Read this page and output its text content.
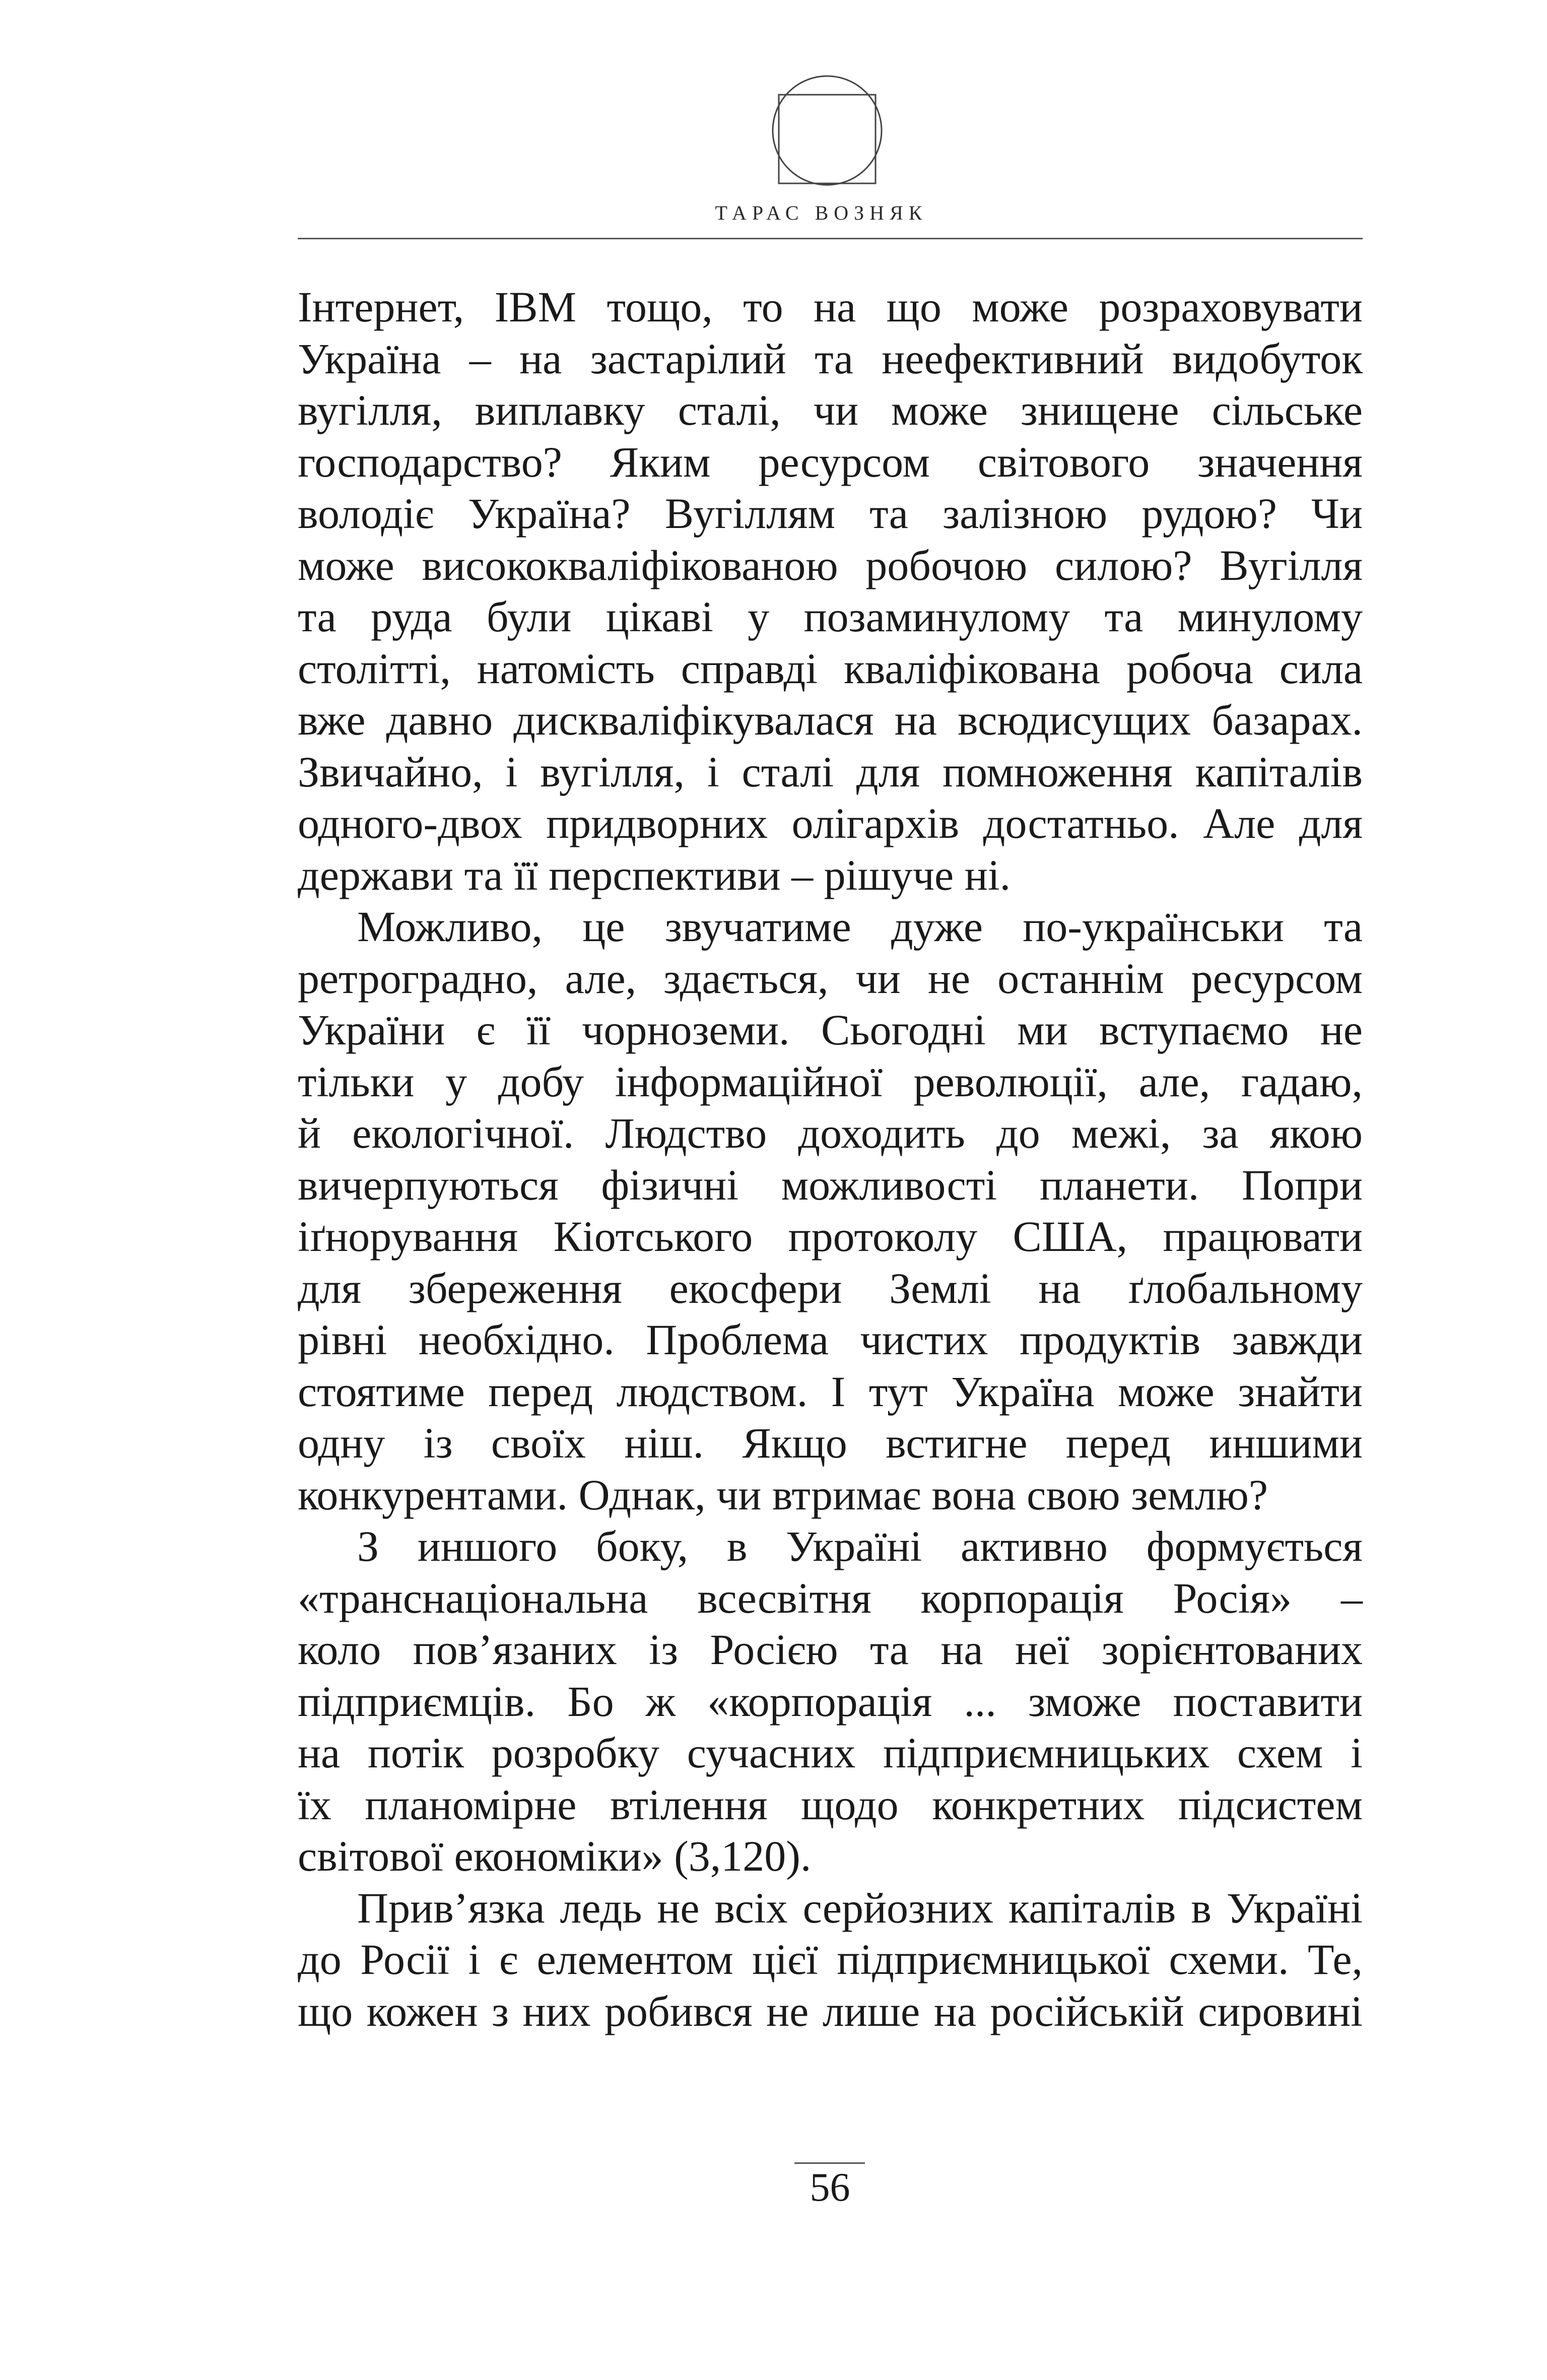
ТАРАС ВОЗНЯК
Інтернет, IBM тощо, то на що може розраховувати
Україна – на застарілий та неефективний видобуток
вугілля, виплавку сталі, чи може знищене сільське
господарство? Яким ресурсом світового значення
володіє Україна? Вугіллям та залізною рудою? Чи
може висококваліфікованою робочою силою? Вугілля
та руда були цікаві у позаминулому та минулому
столітті, натомість справді кваліфікована робоча сила
вже давно дискваліфікувалася на всюдисущих базарах.
Звичайно, і вугілля, і сталі для помноження капіталів
одного-двох придворних олігархів достатньо. Але для
держави та її перспективи – рішуче ні.
Можливо, це звучатиме дуже по-українськи та
ретроградно, але, здається, чи не останнім ресурсом
України є її чорноземи. Сьогодні ми вступаємо не
тільки у добу інформаційної революції, але, гадаю,
й екологічної. Людство доходить до межі, за якою
вичерпуються фізичні можливості планети. Попри
іґнорування Кіотського протоколу США, працювати
для збереження екосфери Землі на ґлобальному
рівні необхідно. Проблема чистих продуктів завжди
стоятиме перед людством. І тут Україна може знайти
одну із своїх ніш. Якщо встигне перед иншими
конкурентами. Однак, чи втримає вона свою землю?
З иншого боку, в Україні активно формується
«транснаціональна всесвітня корпорація Росія» –
коло пов’язаних із Росією та на неї зорієнтованих
підприємців. Бо ж «корпорація ... зможе поставити
на потік розробку сучасних підприємницьких схем і
їх планомірне втілення щодо конкретних підсистем
світової економіки» (3,120).
Прив’язка ледь не всіх серйозних капіталів в Україні
до Росії і є елементом цієї підприємницької схеми. Те,
що кожен з них робився не лише на російській сировині
56
